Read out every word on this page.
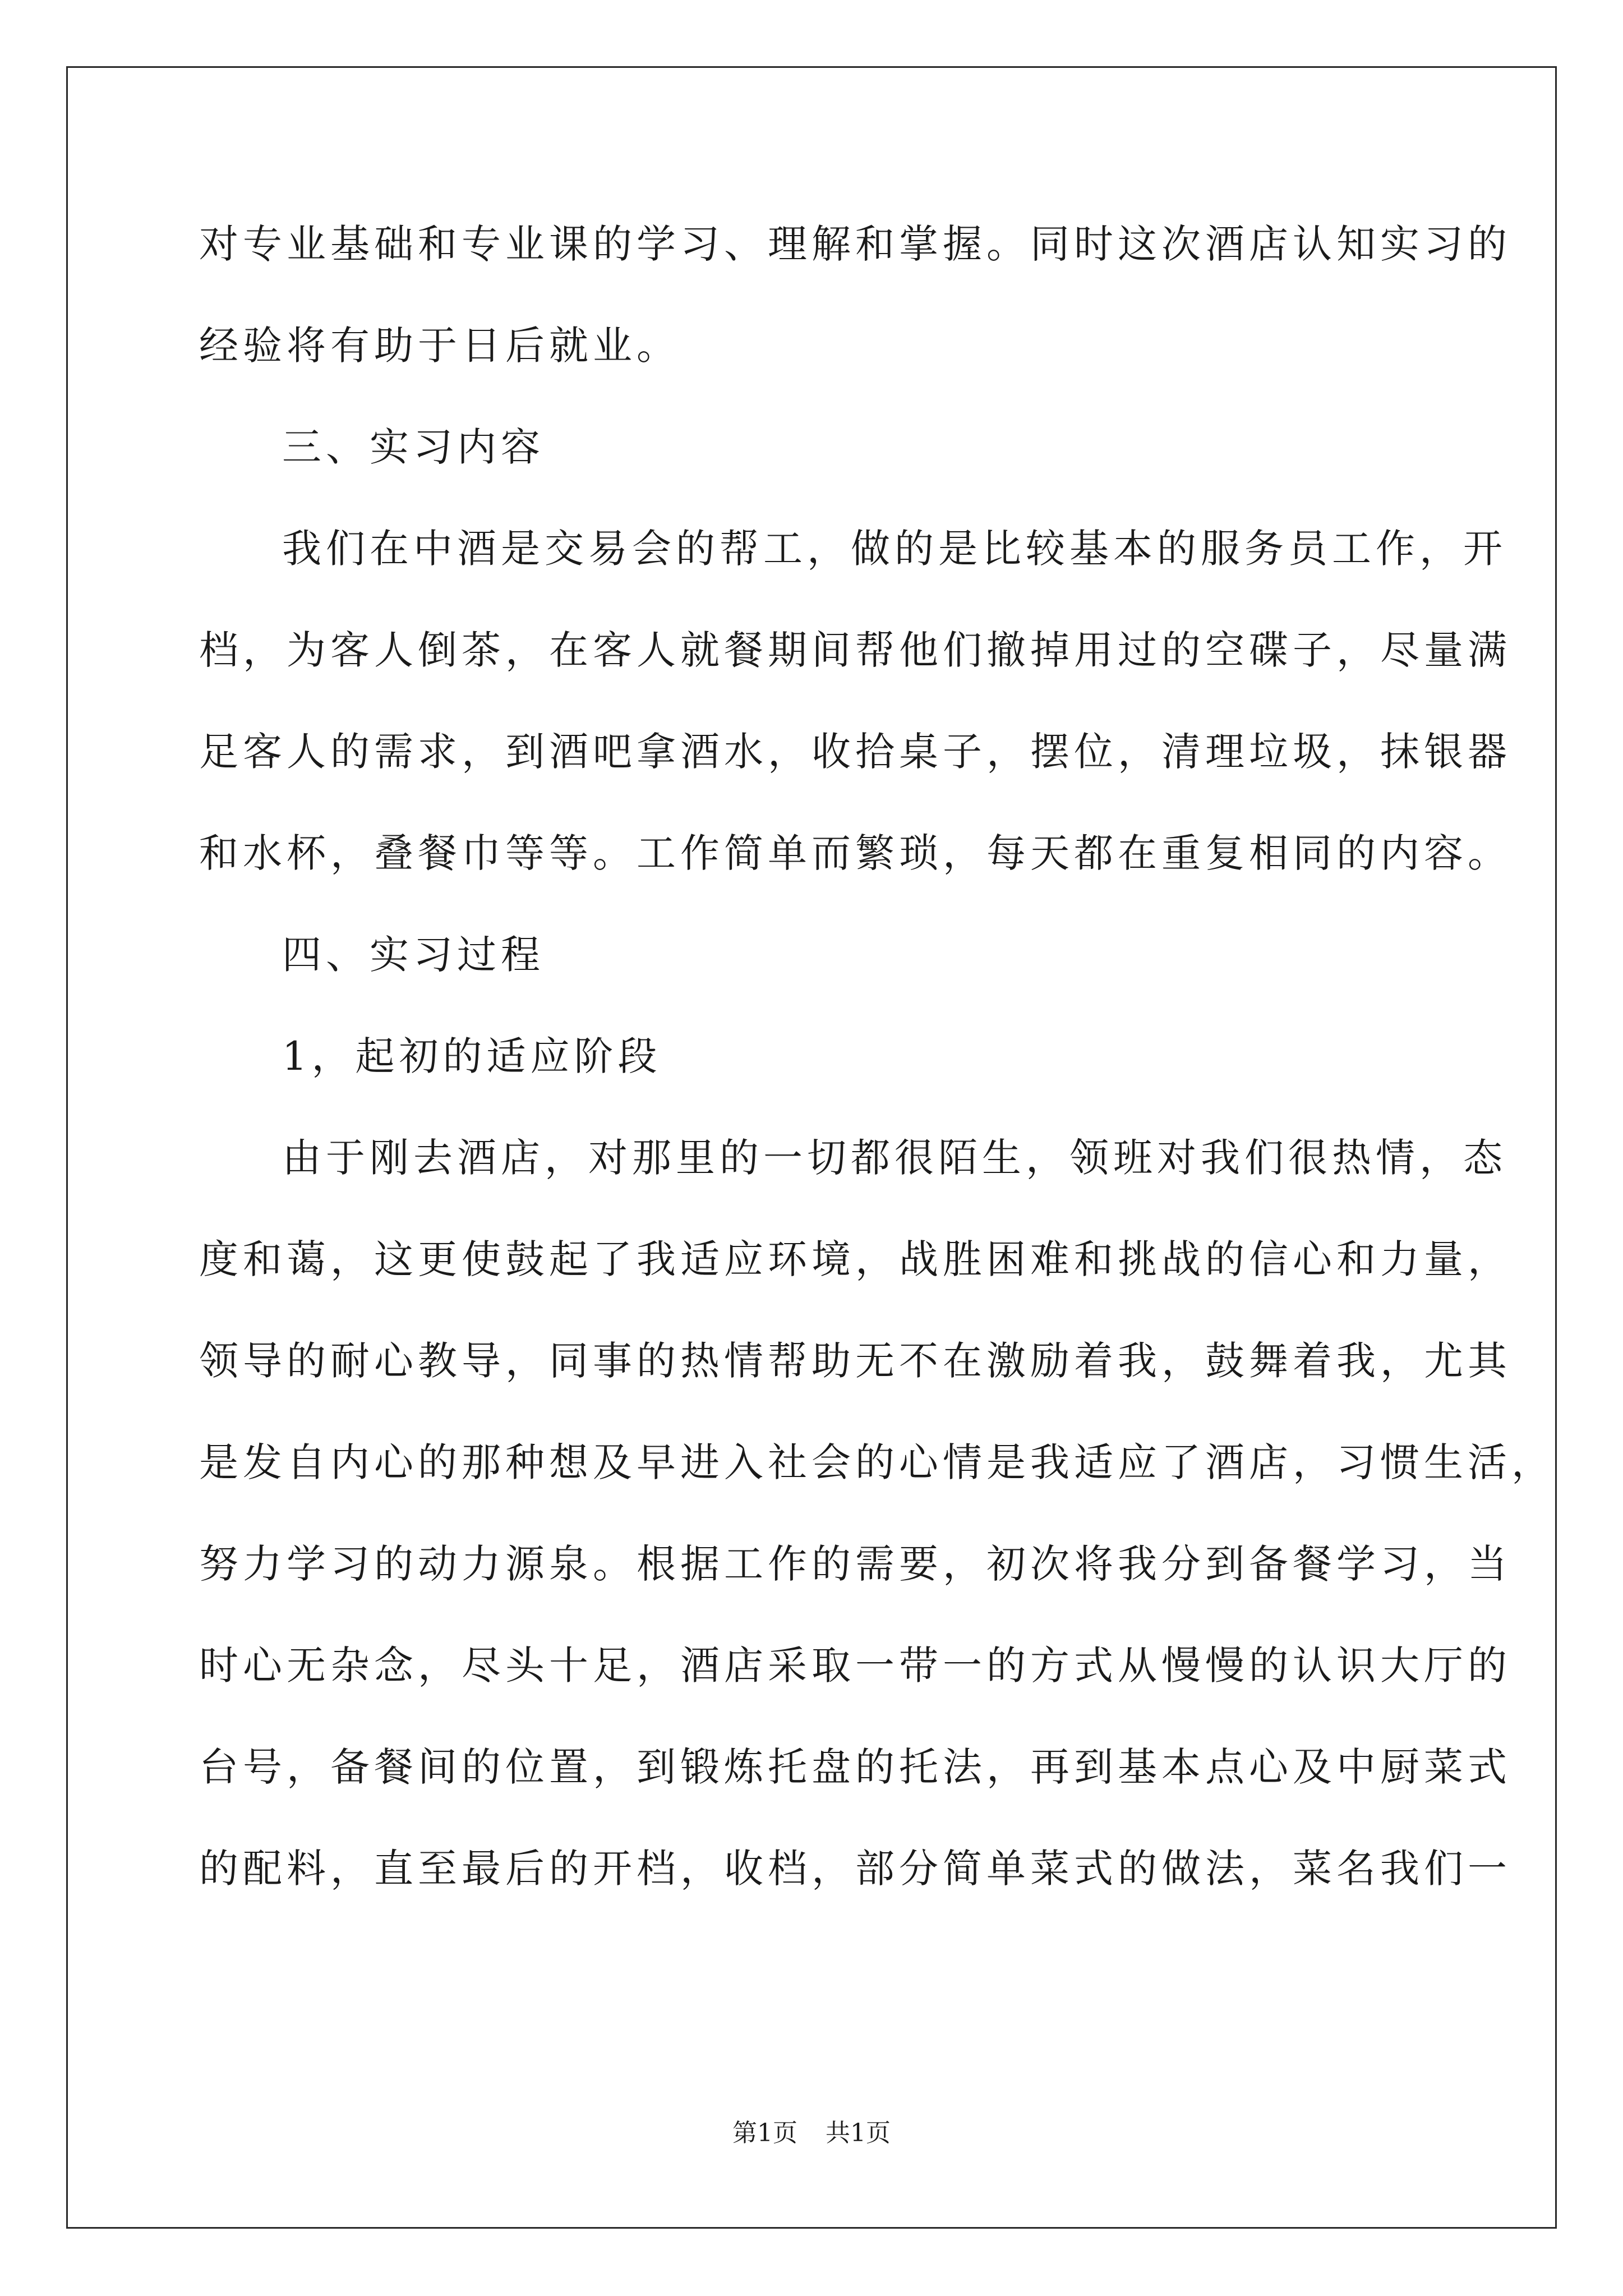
对专业基础和专业课的学习、理解和掌握。同时这次酒店认知实习的
经验将有助于日后就业。
三、实习内容
我们在中酒是交易会的帮工，做的是比较基本的服务员工作，开
档，为客人倒茶，在客人就餐期间帮他们撤掉用过的空碟子，尽量满
足客人的需求，到酒吧拿酒水，收拾桌子，摆位，清理垃圾，抹银器
和水杯，叠餐巾等等。工作简单而繁琐，每天都在重复相同的内容。
四、实习过程
1，起初的适应阶段
由于刚去酒店，对那里的一切都很陌生，领班对我们很热情，态
度和蔼，这更使鼓起了我适应环境，战胜困难和挑战的信心和力量，
领导的耐心教导，同事的热情帮助无不在激励着我，鼓舞着我，尤其
是发自内心的那种想及早进入社会的心情是我适应了酒店，习惯生活，
努力学习的动力源泉。根据工作的需要，初次将我分到备餐学习，当
时心无杂念，尽头十足，酒店采取一带一的方式从慢慢的认识大厅的
台号，备餐间的位置，到锻炼托盘的托法，再到基本点心及中厨菜式
的配料，直至最后的开档，收档，部分简单菜式的做法，菜名我们一
第1页 共1页
